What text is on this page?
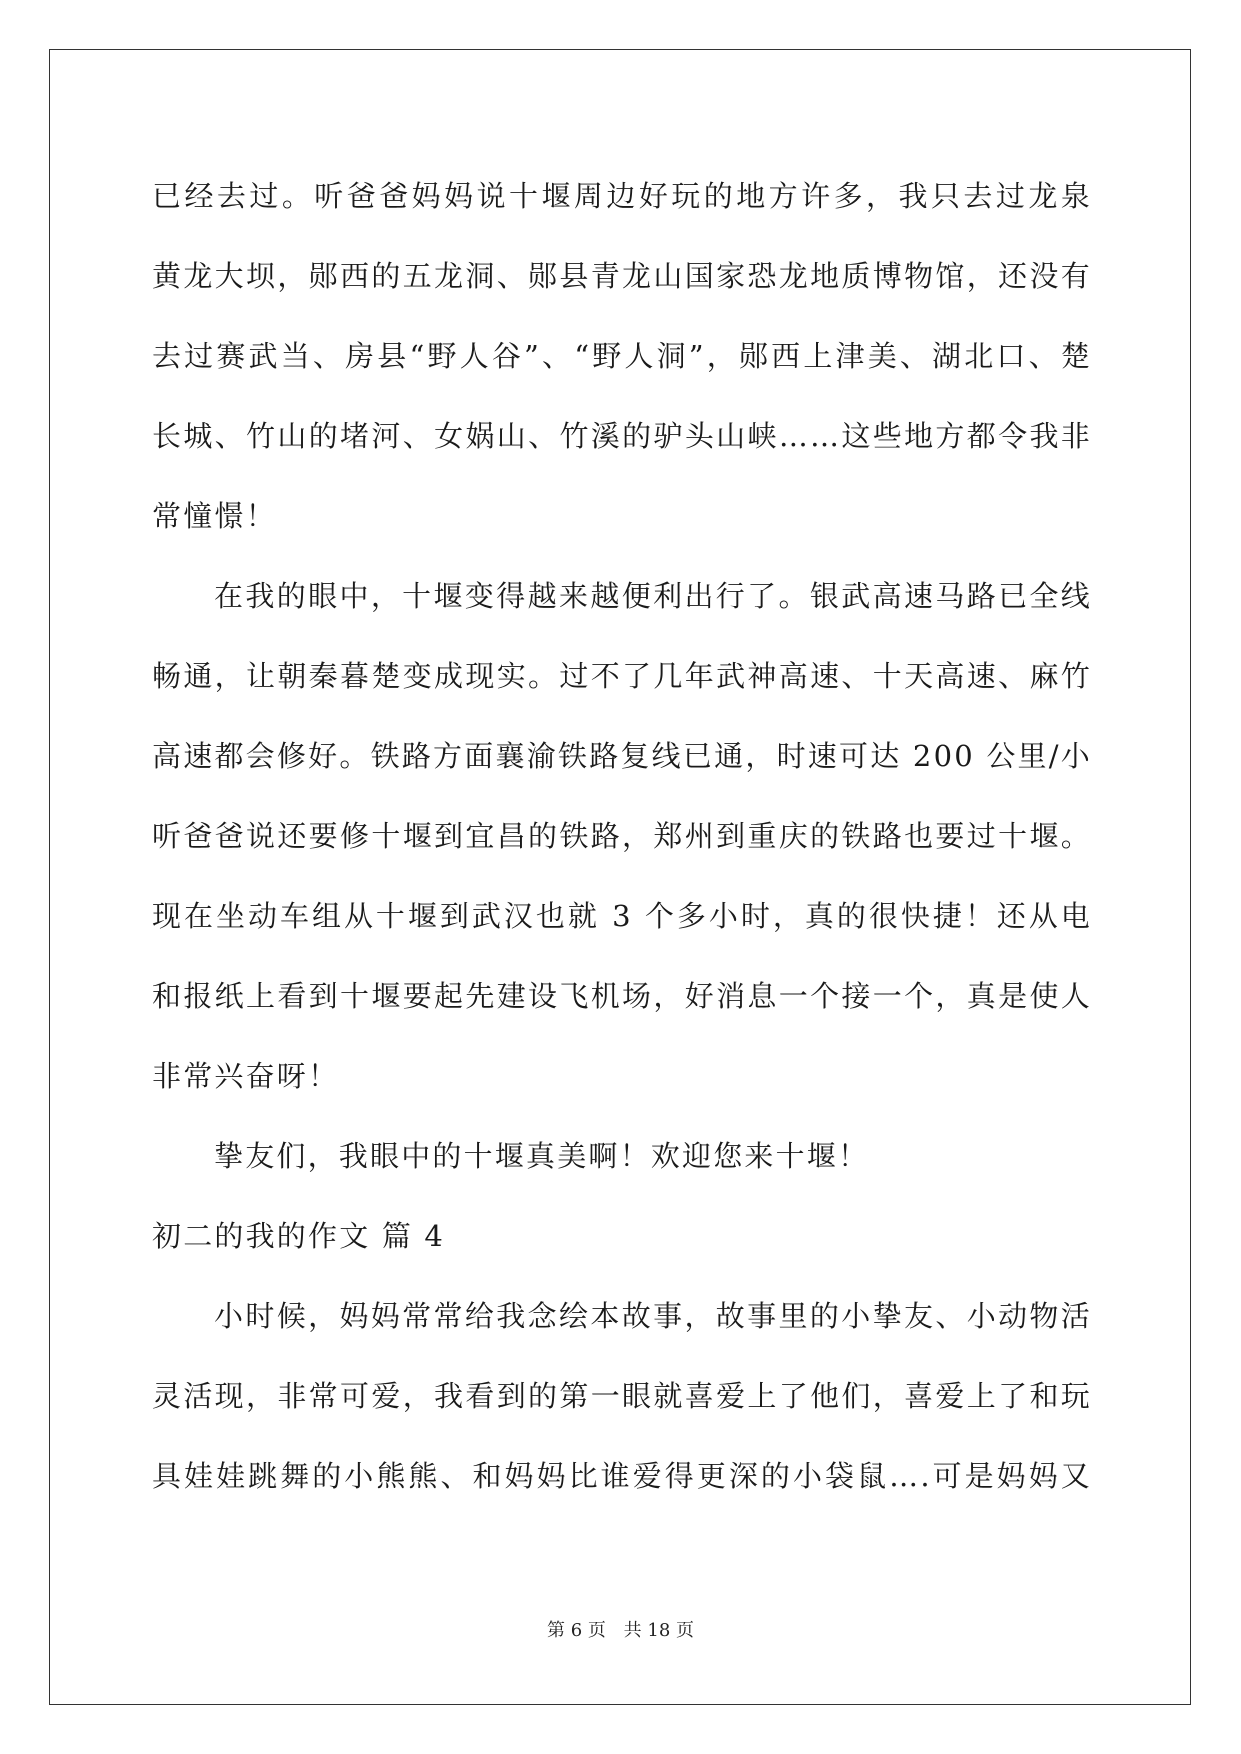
已经去过。听爸爸妈妈说十堰周边好玩的地方许多，我只去过龙泉
黄龙大坝，郧西的五龙洞、郧县青龙山国家恐龙地质博物馆，还没有
去过赛武当、房县“野人谷”、“野人洞”，郧西上津美、湖北口、楚
长城、竹山的堵河、女娲山、竹溪的驴头山峡……这些地方都令我非
常憧憬！
在我的眼中，十堰变得越来越便利出行了。银武高速马路已全线
畅通，让朝秦暮楚变成现实。过不了几年武神高速、十天高速、麻竹
高速都会修好。铁路方面襄渝铁路复线已通，时速可达 200 公里/小
听爸爸说还要修十堰到宜昌的铁路，郑州到重庆的铁路也要过十堰。
现在坐动车组从十堰到武汉也就 3 个多小时，真的很快捷！还从电
和报纸上看到十堰要起先建设飞机场，好消息一个接一个，真是使人
非常兴奋呀！
挚友们，我眼中的十堰真美啊！欢迎您来十堰！
初二的我的作文 篇 4
小时候，妈妈常常给我念绘本故事，故事里的小挚友、小动物活
灵活现，非常可爱，我看到的第一眼就喜爱上了他们，喜爱上了和玩
具娃娃跳舞的小熊熊、和妈妈比谁爱得更深的小袋鼠….可是妈妈又
第 6 页 共 18 页
